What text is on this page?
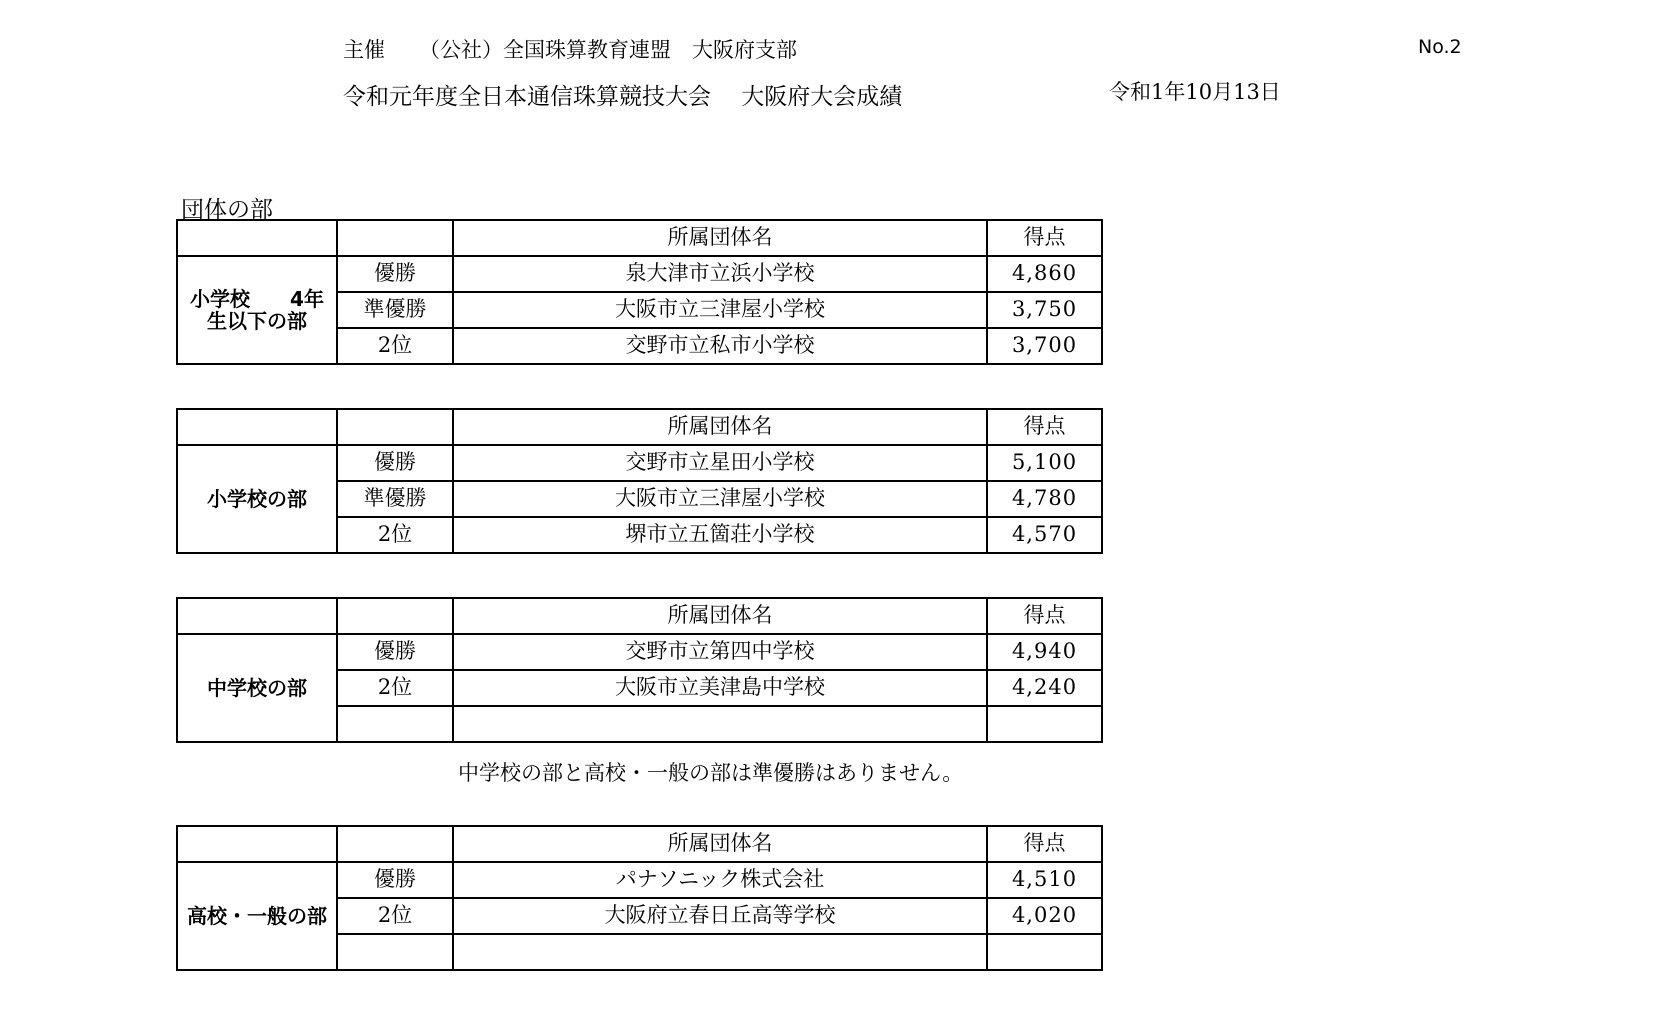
主催 （公社）全国珠算教育連盟　大阪府支部	No.2
令和元年度全日本通信珠算競技大会　 大阪府大会成績	令和1年10月13日
団体の部
		所属団体名	得点
小学校　　4年生以下の部	優勝	泉大津市立浜小学校	4,860
	準優勝	大阪市立三津屋小学校	3,750
	2位	交野市立私市小学校	3,700
		所属団体名	得点
小学校の部	優勝	交野市立星田小学校	5,100
	準優勝	大阪市立三津屋小学校	4,780
	2位	堺市立五箇荘小学校	4,570
		所属団体名	得点
中学校の部	優勝	交野市立第四中学校	4,940
	2位	大阪市立美津島中学校	4,240

中学校の部と高校・一般の部は準優勝はありません。
		所属団体名	得点
高校・一般の部	優勝	パナソニック株式会社	4,510
	2位	大阪府立春日丘高等学校	4,020
